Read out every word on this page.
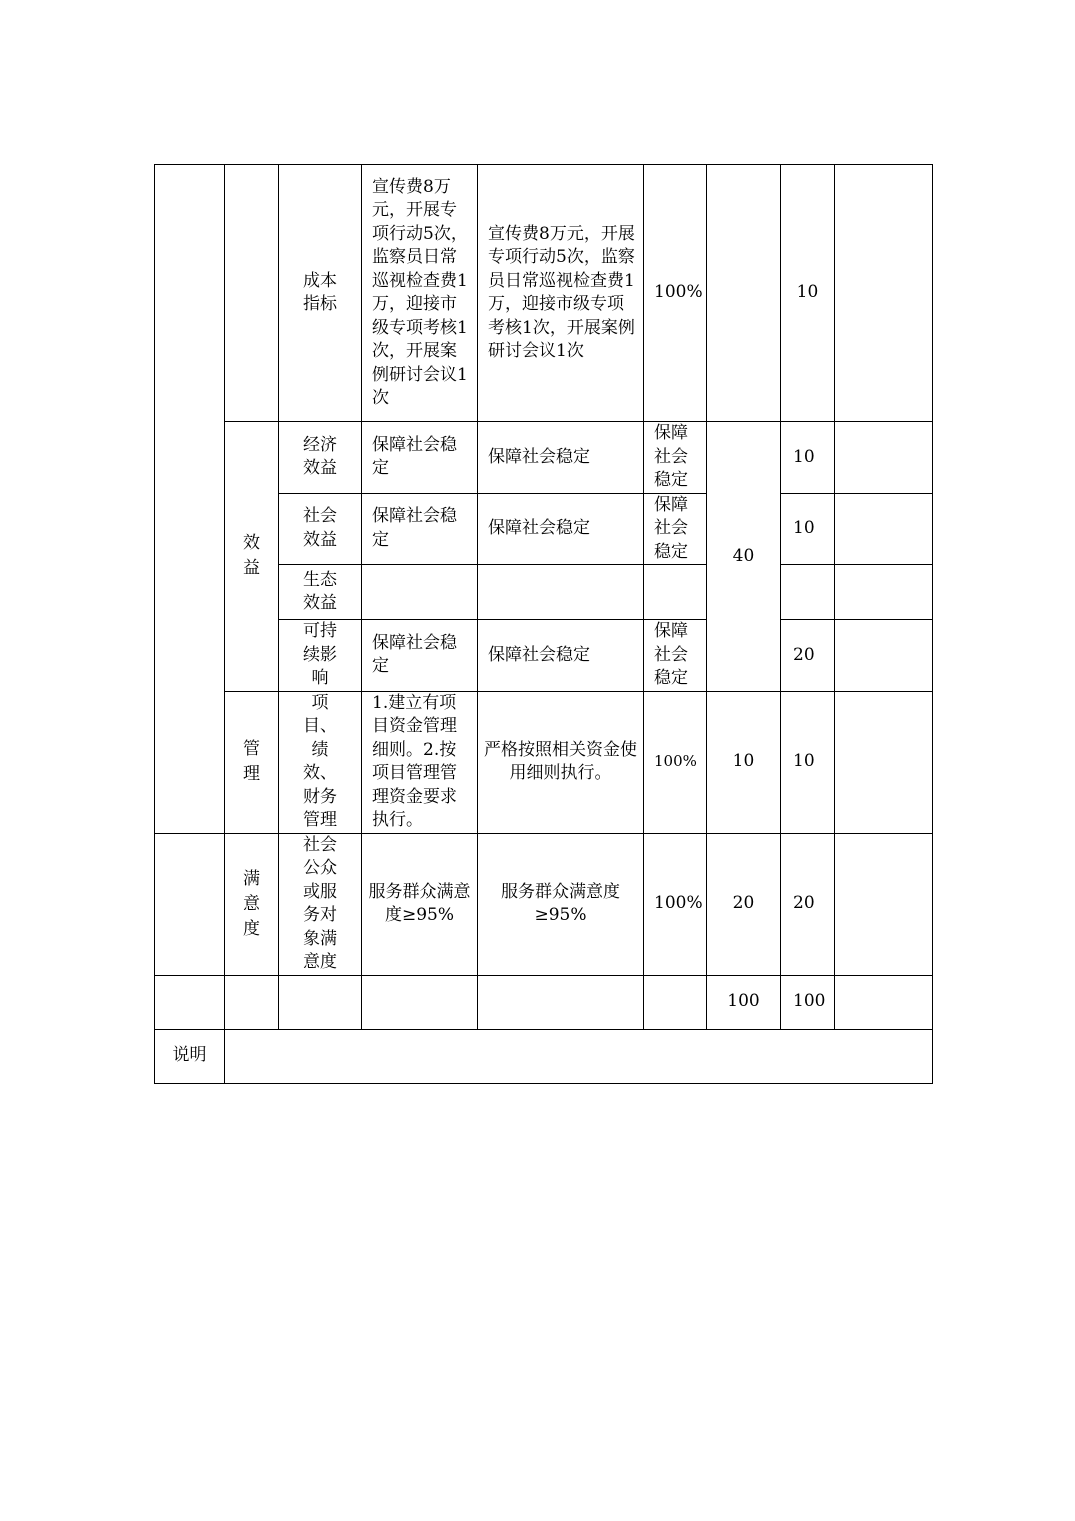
		成本指标	宣传费8万元，开展专项行动5次，监察员日常巡视检查费1万，迎接市级专项考核1次，开展案例研讨会议1次	宣传费8万元，开展专项行动5次，监察员日常巡视检查费1万，迎接市级专项考核1次，开展案例研讨会议1次	100%		10	
	效益	经济效益	保障社会稳定	保障社会稳定	保障社会稳定	40	10	
		社会效益	保障社会稳定	保障社会稳定	保障社会稳定		10	
		生态效益						
		可持续影响	保障社会稳定	保障社会稳定	保障社会稳定		20	
	管理	项目、绩效、财务管理	1.建立有项目资金管理细则。2.按项目管理管理资金要求执行。	严格按照相关资金使用细则执行。	100%	10	10	
	满意度	社会公众或服务对象满意度	服务群众满意度≥95%	服务群众满意度≥95%	100%	20	20	
						100	100	
说明								
